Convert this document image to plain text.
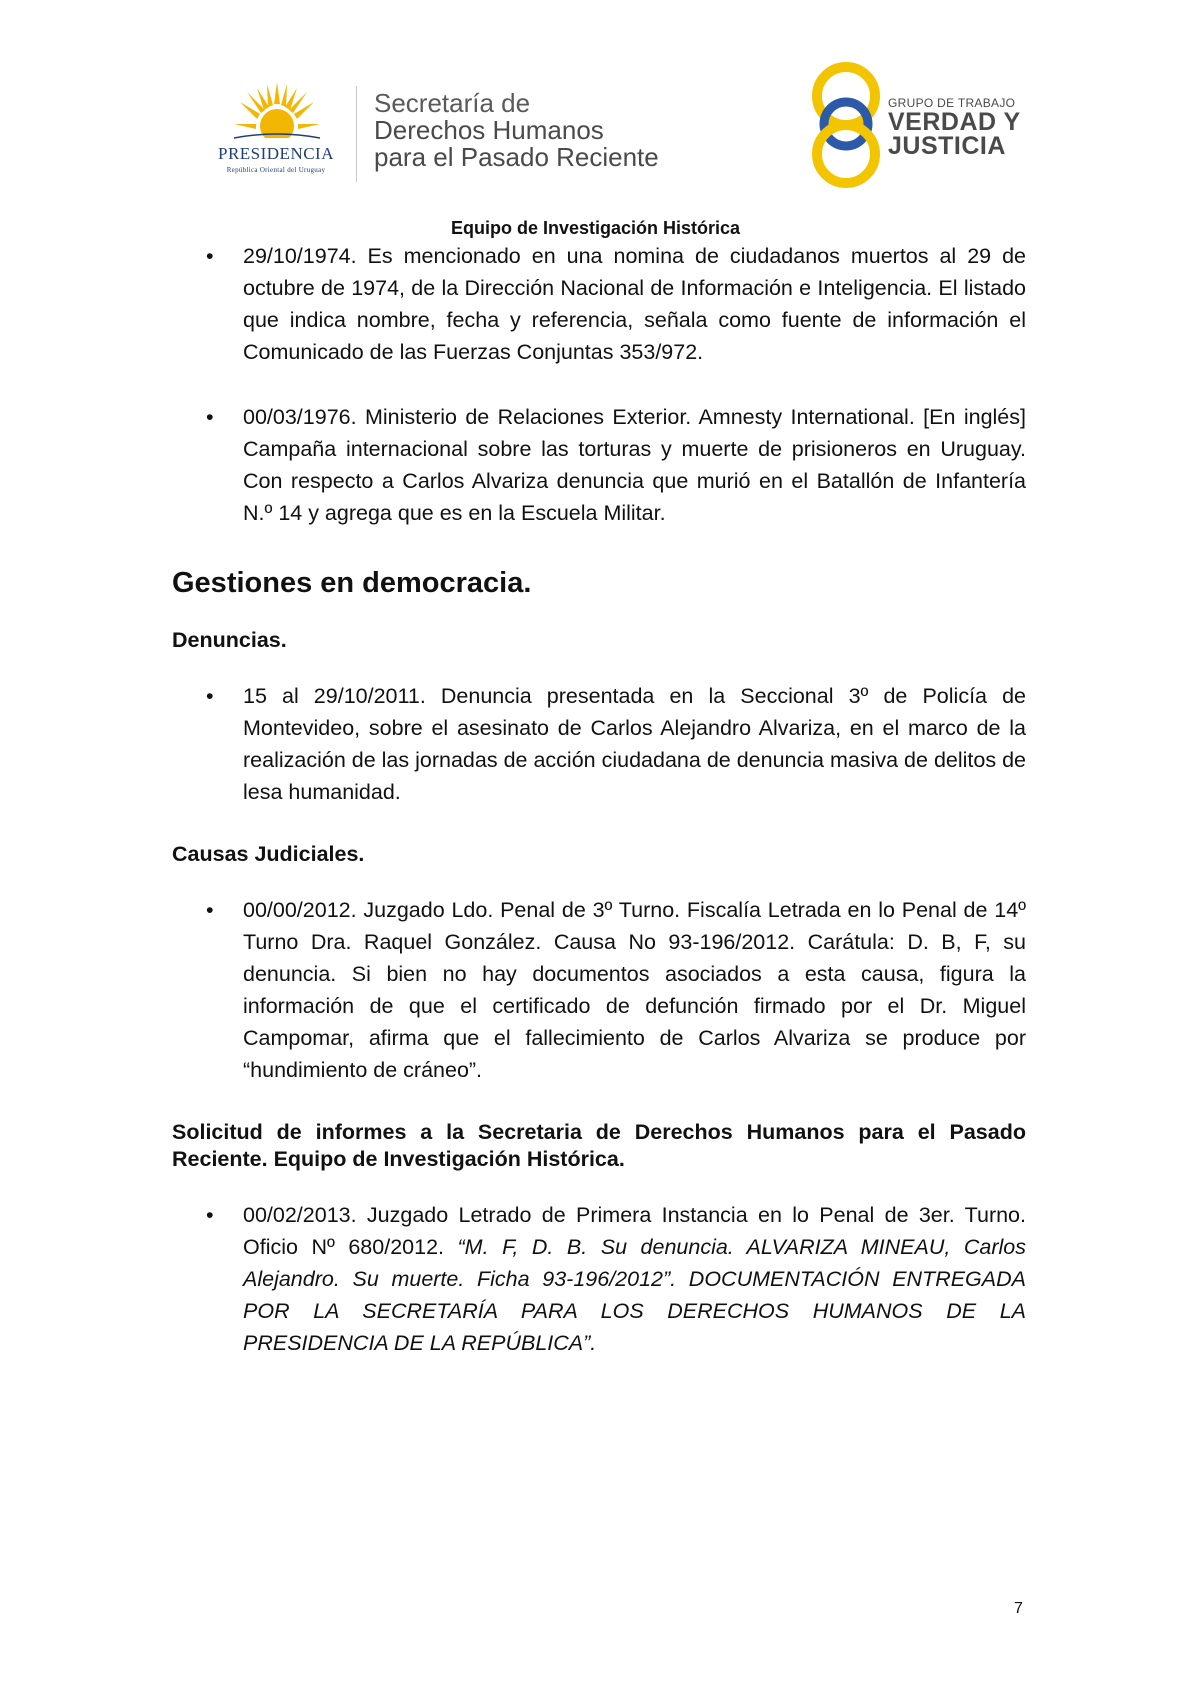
PRESIDENCIA
República Oriental del Uruguay
Secretaría de
Derechos Humanos
para el Pasado Reciente
GRUPO DE TRABAJO
VERDAD Y
JUSTICIA
Equipo de Investigación Histórica
• 29/10/1974. Es mencionado en una nomina de ciudadanos muertos al 29 de octubre de 1974, de la Dirección Nacional de Información e Inteligencia. El listado que indica nombre, fecha y referencia, señala como fuente de información el Comunicado de las Fuerzas Conjuntas 353/972.
• 00/03/1976. Ministerio de Relaciones Exterior. Amnesty International. [En inglés] Campaña internacional sobre las torturas y muerte de prisioneros en Uruguay. Con respecto a Carlos Alvariza denuncia que murió en el Batallón de Infantería N.º 14 y agrega que es en la Escuela Militar.
Gestiones en democracia.
Denuncias.
• 15 al 29/10/2011. Denuncia presentada en la Seccional 3º de Policía de Montevideo, sobre el asesinato de Carlos Alejandro Alvariza, en el marco de la realización de las jornadas de acción ciudadana de denuncia masiva de delitos de lesa humanidad.
Causas Judiciales.
• 00/00/2012. Juzgado Ldo. Penal de 3º Turno. Fiscalía Letrada en lo Penal de 14º Turno Dra. Raquel González. Causa No 93-196/2012. Carátula: D. B, F, su denuncia. Si bien no hay documentos asociados a esta causa, figura la información de que el certificado de defunción firmado por el Dr. Miguel Campomar, afirma que el fallecimiento de Carlos Alvariza se produce por “hundimiento de cráneo”.
Solicitud de informes a la Secretaria de Derechos Humanos para el Pasado Reciente. Equipo de Investigación Histórica.
• 00/02/2013. Juzgado Letrado de Primera Instancia en lo Penal de 3er. Turno. Oficio Nº 680/2012. “M. F, D. B. Su denuncia. ALVARIZA MINEAU, Carlos Alejandro. Su muerte. Ficha 93-196/2012”. DOCUMENTACIÓN ENTREGADA POR LA SECRETARÍA PARA LOS DERECHOS HUMANOS DE LA PRESIDENCIA DE LA REPÚBLICA”.
7
